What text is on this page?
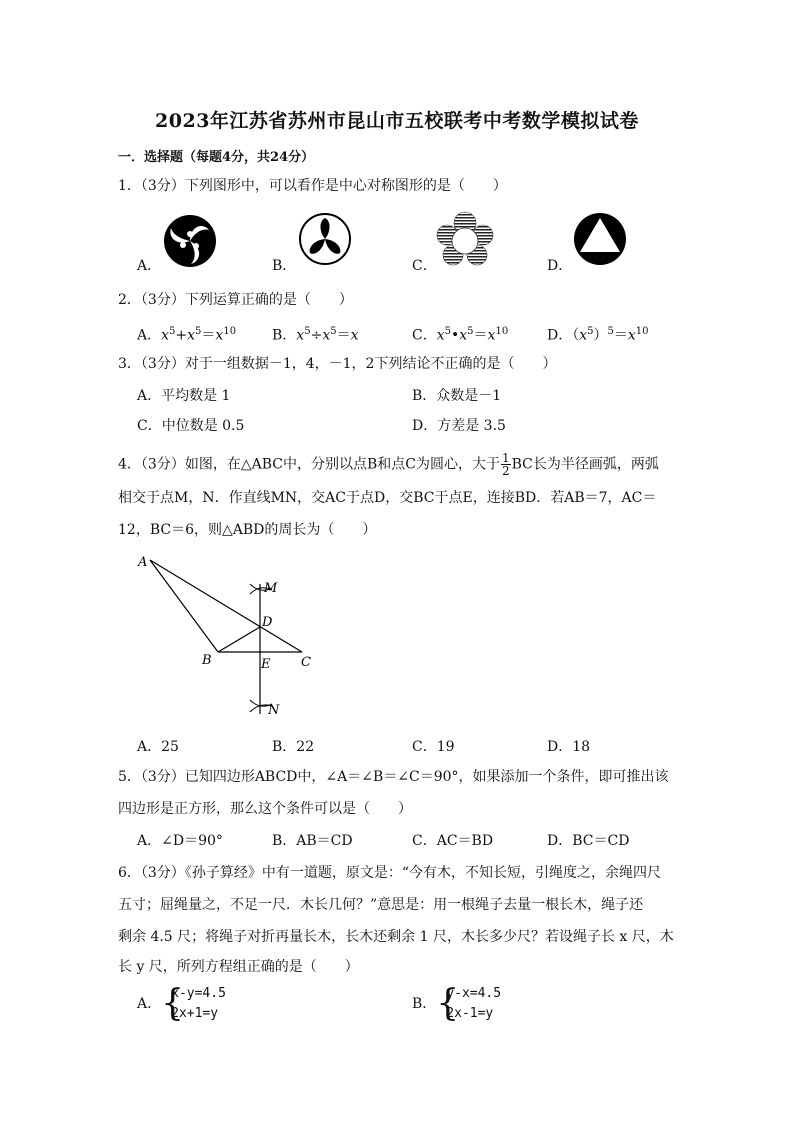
2023年江苏省苏州市昆山市五校联考中考数学模拟试卷
一．选择题（每题4分，共24分）
1．（3分）下列图形中，可以看作是中心对称图形的是（　　）
A．	B．	C．	D．
2．（3分）下列运算正确的是（　　）
A．$x^5+x^5=x^{10}$	B．$x^5\div x^5=x$	C．$x^5•x^5=x^{10}$	D．$(x^5)^5=x^{10}$
3．（3分）对于一组数据－1，4，－1，2下列结论不正确的是（　　）
A．平均数是 1	B．众数是－1
C．中位数是 0.5	D．方差是 3.5
4．（3分）如图，在△ABC中，分别以点B和点C为圆心，大于 $\frac{1}{2}$ BC长为半径画弧，两弧
相交于点M，N．作直线MN，交AC于点D，交BC于点E，连接BD．若AB＝7，AC＝
12，BC＝6，则△ABD的周长为（　　）
A
M
D
B	E C
N
A．25	B．22	C．19	D．18
5．（3分）已知四边形ABCD中，∠A＝∠B＝∠C＝90°，如果添加一个条件，即可推出该
四边形是正方形，那么这个条件可以是（　　）
A．∠D＝90°	B．AB＝CD	C．AC＝BD	D．BC＝CD
6．（3分）《孙子算经》中有一道题，原文是：“今有木，不知长短，引绳度之，余绳四尺
五寸；屈绳量之，不足一尺．木长几何？”意思是：用一根绳子去量一根长木，绳子还
剩余 4.5 尺；将绳子对折再量长木，长木还剩余 1 尺，木长多少尺？若设绳子长 x 尺，木
长 y 尺，所列方程组正确的是（　　）
A． {
x-y=4.5
2x+1=y
B． {
y-x=4.5
2x-1=y
